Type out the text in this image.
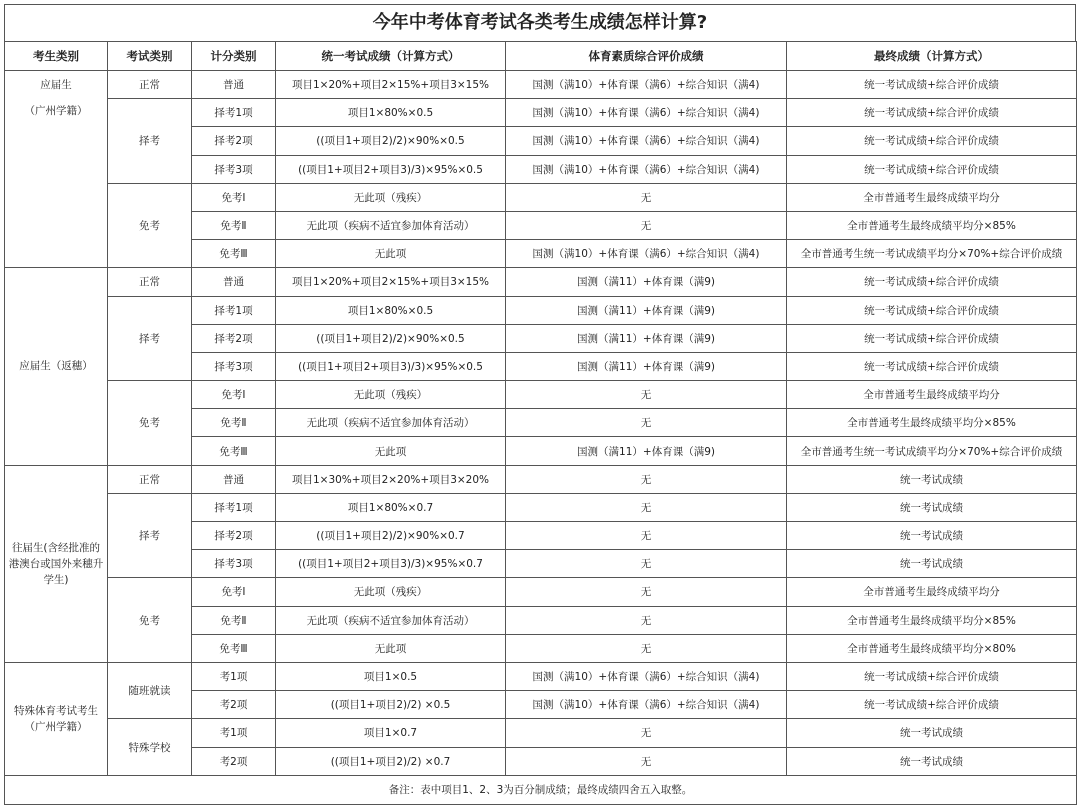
今年中考体育考试各类考生成绩怎样计算?
考生类别	考试类别	计分类别	统一考试成绩（计算方式）	体育素质综合评价成绩	最终成绩（计算方式）

应届生
（广州学籍）	正常	普通	项目1×20%+项目2×15%+项目3×15%	国测（满10）+体育课（满6）+综合知识（满4)	统一考试成绩+综合评价成绩
	择考	择考1项	项目1×80%×0.5	国测（满10）+体育课（满6）+综合知识（满4)	统一考试成绩+综合评价成绩
		择考2项	((项目1+项目2)/2)×90%×0.5	国测（满10）+体育课（满6）+综合知识（满4)	统一考试成绩+综合评价成绩
		择考3项	((项目1+项目2+项目3)/3)×95%×0.5	国测（满10）+体育课（满6）+综合知识（满4)	统一考试成绩+综合评价成绩
	免考	免考Ⅰ	无此项（残疾）	无	全市普通考生最终成绩平均分
		免考Ⅱ	无此项（疾病不适宜参加体育活动）	无	全市普通考生最终成绩平均分×85%
		免考Ⅲ	无此项	国测（满10）+体育课（满6）+综合知识（满4)	全市普通考生统一考试成绩平均分×70%+综合评价成绩
应届生（返穗）	正常	普通	项目1×20%+项目2×15%+项目3×15%	国测（满11）+体育课（满9)	统一考试成绩+综合评价成绩
	择考	择考1项	项目1×80%×0.5	国测（满11）+体育课（满9)	统一考试成绩+综合评价成绩
		择考2项	((项目1+项目2)/2)×90%×0.5	国测（满11）+体育课（满9)	统一考试成绩+综合评价成绩
		择考3项	((项目1+项目2+项目3)/3)×95%×0.5	国测（满11）+体育课（满9)	统一考试成绩+综合评价成绩
	免考	免考Ⅰ	无此项（残疾）	无	全市普通考生最终成绩平均分
		免考Ⅱ	无此项（疾病不适宜参加体育活动）	无	全市普通考生最终成绩平均分×85%
		免考Ⅲ	无此项	国测（满11）+体育课（满9)	全市普通考生统一考试成绩平均分×70%+综合评价成绩
往届生(含经批准的港澳台或国外来穗升学生)	正常	普通	项目1×30%+项目2×20%+项目3×20%	无	统一考试成绩
	择考	择考1项	项目1×80%×0.7	无	统一考试成绩
		择考2项	((项目1+项目2)/2)×90%×0.7	无	统一考试成绩
		择考3项	((项目1+项目2+项目3)/3)×95%×0.7	无	统一考试成绩
	免考	免考Ⅰ	无此项（残疾）	无	全市普通考生最终成绩平均分
		免考Ⅱ	无此项（疾病不适宜参加体育活动）	无	全市普通考生最终成绩平均分×85%
		免考Ⅲ	无此项	无	全市普通考生最终成绩平均分×80%
特殊体育考试考生（广州学籍）	随班就读	考1项	项目1×0.5	国测（满10）+体育课（满6）+综合知识（满4)	统一考试成绩+综合评价成绩
		考2项	((项目1+项目2)/2) ×0.5	国测（满10）+体育课（满6）+综合知识（满4)	统一考试成绩+综合评价成绩
	特殊学校	考1项	项目1×0.7	无	统一考试成绩
		考2项	((项目1+项目2)/2) ×0.7	无	统一考试成绩
备注：表中项目1、2、3为百分制成绩；最终成绩四舍五入取整。					
